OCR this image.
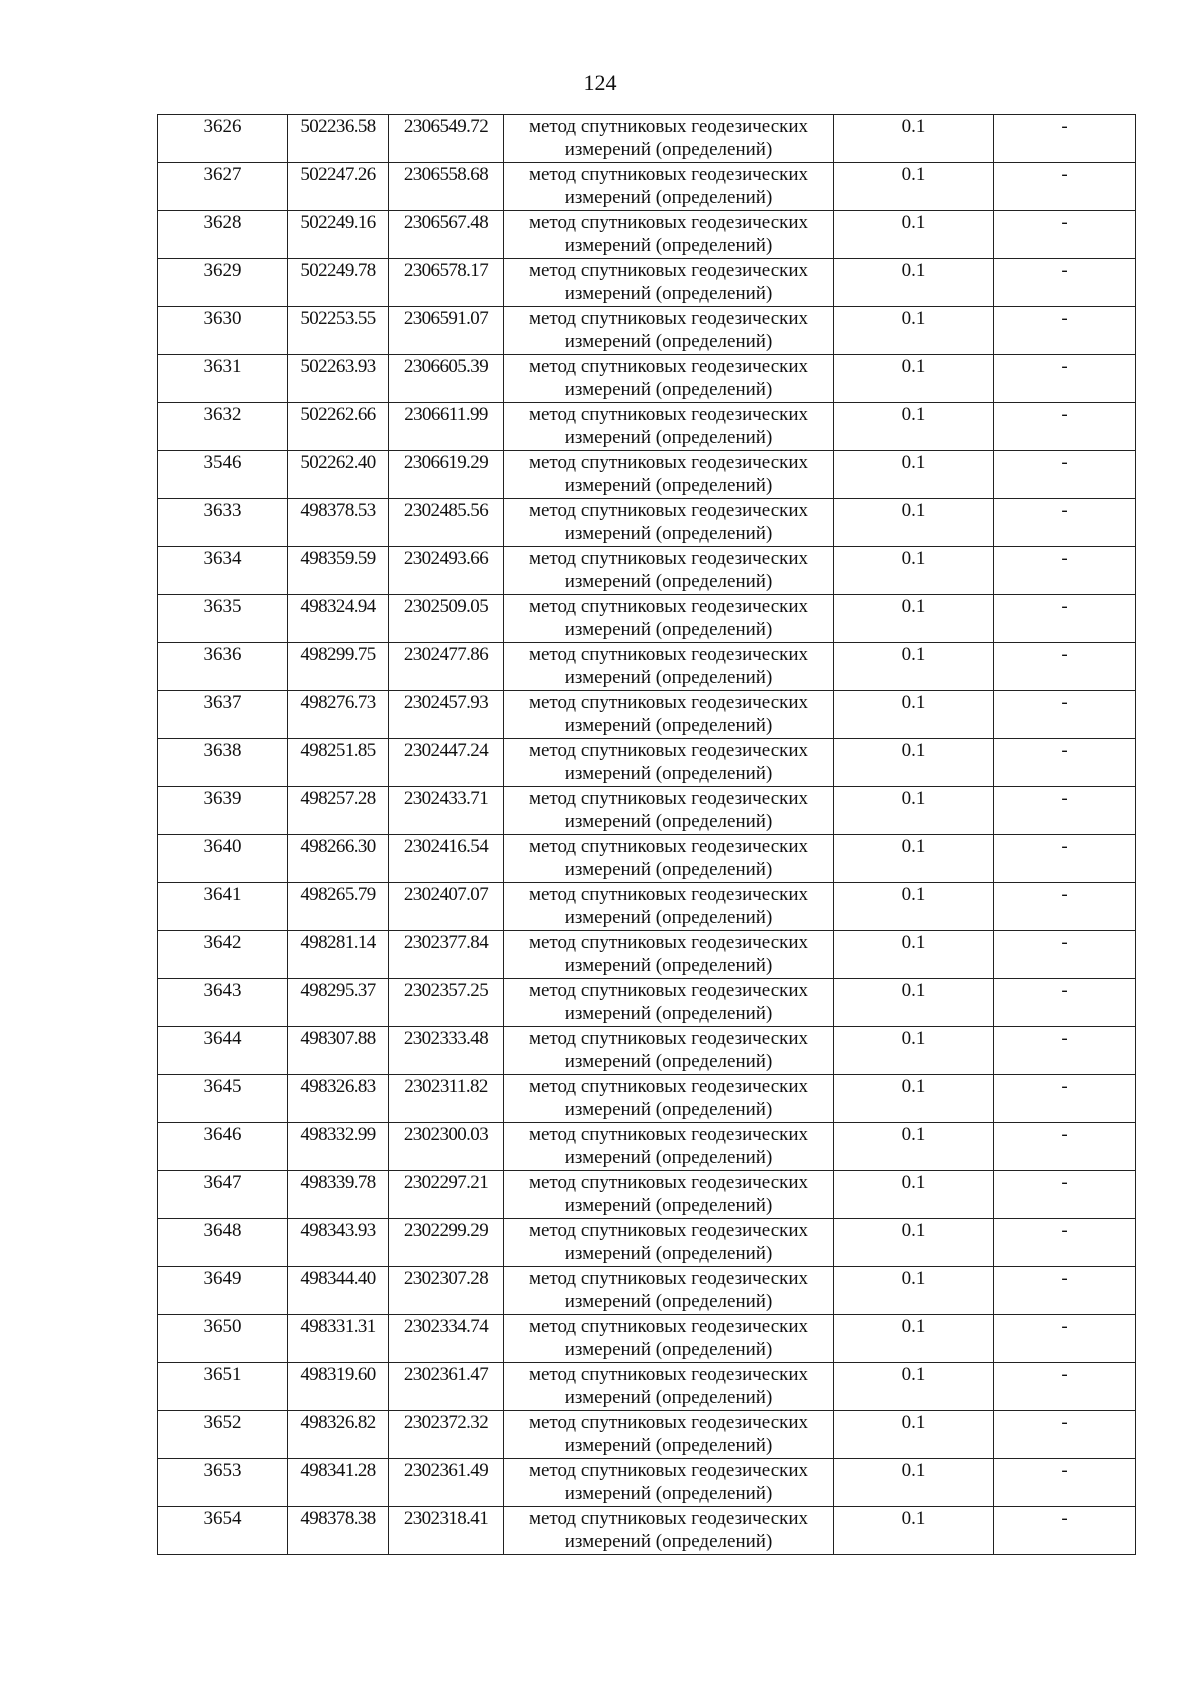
124
3626	502236.58	2306549.72	метод спутниковых геодезических
измерений (определений)	0.1	-
3627	502247.26	2306558.68	метод спутниковых геодезических
измерений (определений)	0.1	-
3628	502249.16	2306567.48	метод спутниковых геодезических
измерений (определений)	0.1	-
3629	502249.78	2306578.17	метод спутниковых геодезических
измерений (определений)	0.1	-
3630	502253.55	2306591.07	метод спутниковых геодезических
измерений (определений)	0.1	-
3631	502263.93	2306605.39	метод спутниковых геодезических
измерений (определений)	0.1	-
3632	502262.66	2306611.99	метод спутниковых геодезических
измерений (определений)	0.1	-
3546	502262.40	2306619.29	метод спутниковых геодезических
измерений (определений)	0.1	-
3633	498378.53	2302485.56	метод спутниковых геодезических
измерений (определений)	0.1	-
3634	498359.59	2302493.66	метод спутниковых геодезических
измерений (определений)	0.1	-
3635	498324.94	2302509.05	метод спутниковых геодезических
измерений (определений)	0.1	-
3636	498299.75	2302477.86	метод спутниковых геодезических
измерений (определений)	0.1	-
3637	498276.73	2302457.93	метод спутниковых геодезических
измерений (определений)	0.1	-
3638	498251.85	2302447.24	метод спутниковых геодезических
измерений (определений)	0.1	-
3639	498257.28	2302433.71	метод спутниковых геодезических
измерений (определений)	0.1	-
3640	498266.30	2302416.54	метод спутниковых геодезических
измерений (определений)	0.1	-
3641	498265.79	2302407.07	метод спутниковых геодезических
измерений (определений)	0.1	-
3642	498281.14	2302377.84	метод спутниковых геодезических
измерений (определений)	0.1	-
3643	498295.37	2302357.25	метод спутниковых геодезических
измерений (определений)	0.1	-
3644	498307.88	2302333.48	метод спутниковых геодезических
измерений (определений)	0.1	-
3645	498326.83	2302311.82	метод спутниковых геодезических
измерений (определений)	0.1	-
3646	498332.99	2302300.03	метод спутниковых геодезических
измерений (определений)	0.1	-
3647	498339.78	2302297.21	метод спутниковых геодезических
измерений (определений)	0.1	-
3648	498343.93	2302299.29	метод спутниковых геодезических
измерений (определений)	0.1	-
3649	498344.40	2302307.28	метод спутниковых геодезических
измерений (определений)	0.1	-
3650	498331.31	2302334.74	метод спутниковых геодезических
измерений (определений)	0.1	-
3651	498319.60	2302361.47	метод спутниковых геодезических
измерений (определений)	0.1	-
3652	498326.82	2302372.32	метод спутниковых геодезических
измерений (определений)	0.1	-
3653	498341.28	2302361.49	метод спутниковых геодезических
измерений (определений)	0.1	-
3654	498378.38	2302318.41	метод спутниковых геодезических
измерений (определений)	0.1	-
